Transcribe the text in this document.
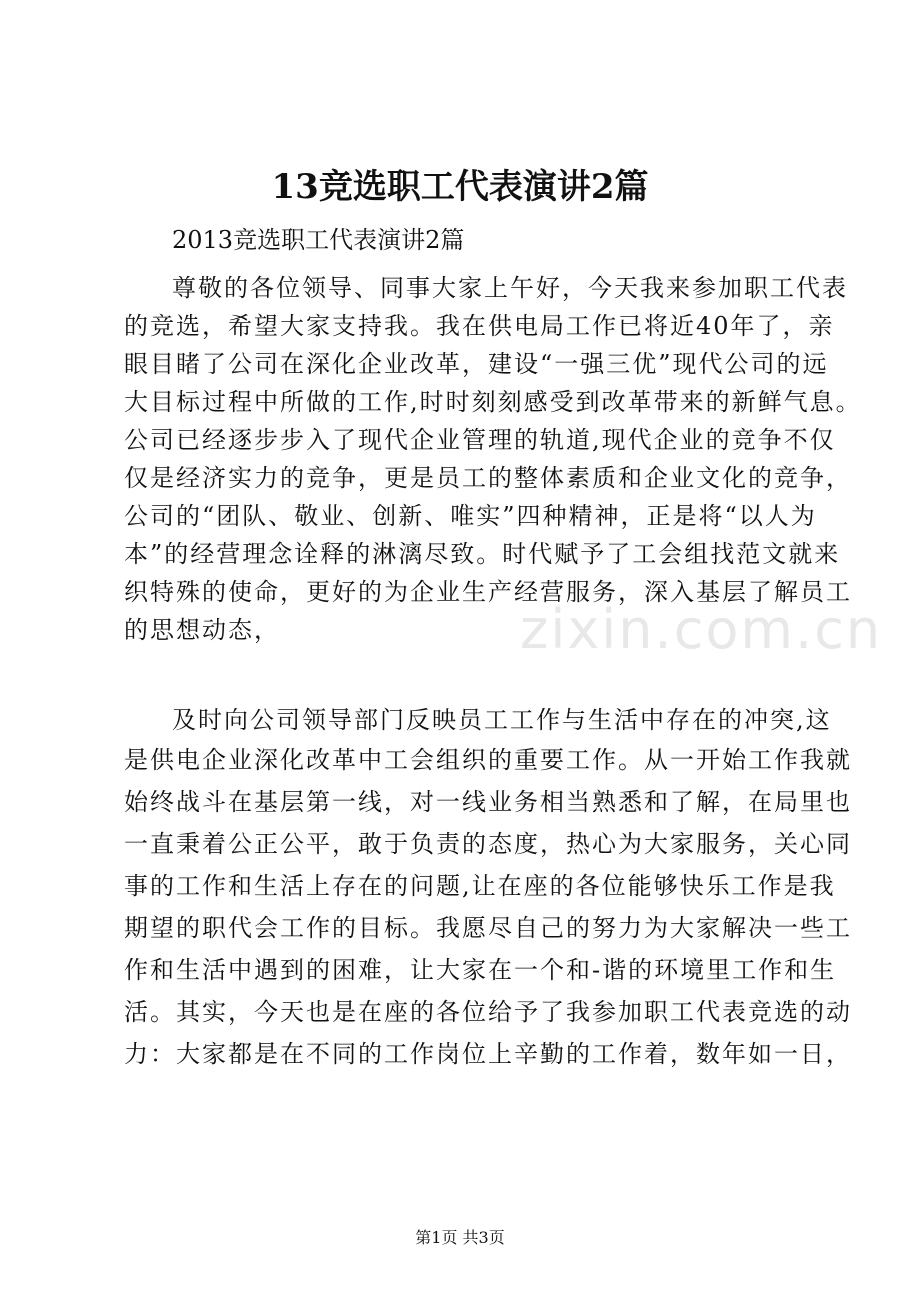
13竞选职工代表演讲2篇
2013竞选职工代表演讲2篇
尊敬的各位领导、同事大家上午好，今天我来参加职工代表
的竞选，希望大家支持我。我在供电局工作已将近40年了，亲
眼目睹了公司在深化企业改革，建设“一强三优”现代公司的远
大目标过程中所做的工作,时时刻刻感受到改革带来的新鲜气息。
公司已经逐步步入了现代企业管理的轨道,现代企业的竞争不仅
仅是经济实力的竞争，更是员工的整体素质和企业文化的竞争，
公司的“团队、敬业、创新、唯实”四种精神，正是将“以人为
本”的经营理念诠释的淋漓尽致。时代赋予了工会组找范文就来
织特殊的使命，更好的为企业生产经营服务，深入基层了解员工
的思想动态，
及时向公司领导部门反映员工工作与生活中存在的冲突,这
是供电企业深化改革中工会组织的重要工作。从一开始工作我就
始终战斗在基层第一线，对一线业务相当熟悉和了解，在局里也
一直秉着公正公平，敢于负责的态度，热心为大家服务，关心同
事的工作和生活上存在的问题,让在座的各位能够快乐工作是我
期望的职代会工作的目标。我愿尽自己的努力为大家解决一些工
作和生活中遇到的困难，让大家在一个和-谐的环境里工作和生
活。其实，今天也是在座的各位给予了我参加职工代表竞选的动
力：大家都是在不同的工作岗位上辛勤的工作着，数年如一日，
zixin.com.cn
第1页 共3页
